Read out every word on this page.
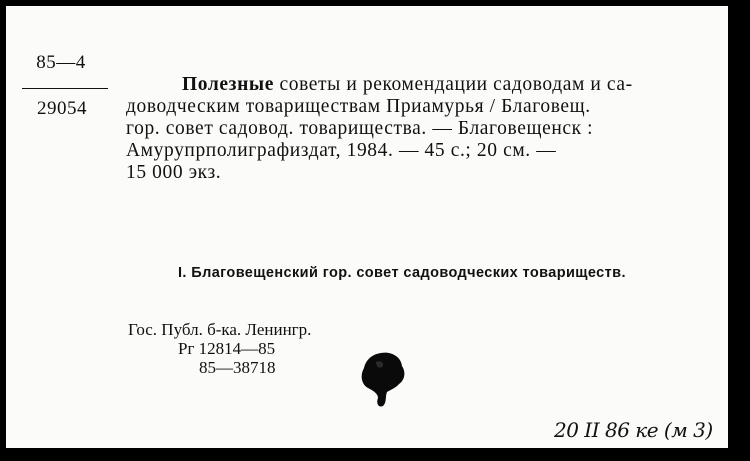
85—4
29054
Полезные советы и рекомендации садоводам и са-
доводческим товариществам Приамурья / Благовещ.
гор. совет садовод. товарищества. — Благовещенск :
Амурупрполиграфиздат, 1984. — 45 с.; 20 см. —
15 000 экз.
I. Благовещенский гор. совет садоводческих товариществ.
Гос. Публ. б-ка. Ленингр.
Рг 12814—85
85—38718
20 II 86 ке (м 3)
